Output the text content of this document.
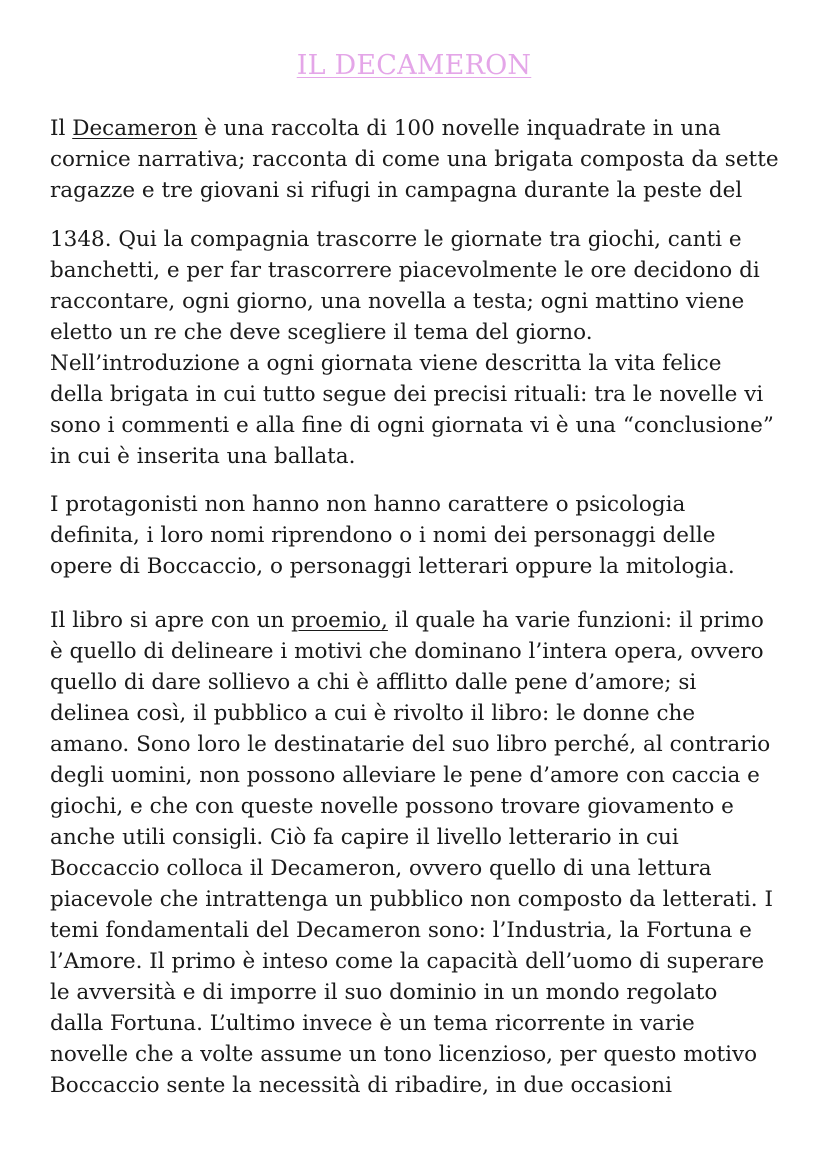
IL DECAMERON
Il Decameron è una raccolta di 100 novelle inquadrate in una
cornice narrativa; racconta di come una brigata composta da sette
ragazze e tre giovani si rifugi in campagna durante la peste del
1348. Qui la compagnia trascorre le giornate tra giochi, canti e
banchetti, e per far trascorrere piacevolmente le ore decidono di
raccontare, ogni giorno, una novella a testa; ogni mattino viene
eletto un re che deve scegliere il tema del giorno.
Nell’introduzione a ogni giornata viene descritta la vita felice
della brigata in cui tutto segue dei precisi rituali: tra le novelle vi
sono i commenti e alla fine di ogni giornata vi è una “conclusione”
in cui è inserita una ballata.
I protagonisti non hanno non hanno carattere o psicologia
definita, i loro nomi riprendono o i nomi dei personaggi delle
opere di Boccaccio, o personaggi letterari oppure la mitologia.
Il libro si apre con un proemio, il quale ha varie funzioni: il primo
è quello di delineare i motivi che dominano l’intera opera, ovvero
quello di dare sollievo a chi è afflitto dalle pene d’amore; si
delinea così, il pubblico a cui è rivolto il libro: le donne che
amano. Sono loro le destinatarie del suo libro perché, al contrario
degli uomini, non possono alleviare le pene d’amore con caccia e
giochi, e che con queste novelle possono trovare giovamento e
anche utili consigli. Ciò fa capire il livello letterario in cui
Boccaccio colloca il Decameron, ovvero quello di una lettura
piacevole che intrattenga un pubblico non composto da letterati. I
temi fondamentali del Decameron sono: l’Industria, la Fortuna e
l’Amore. Il primo è inteso come la capacità dell’uomo di superare
le avversità e di imporre il suo dominio in un mondo regolato
dalla Fortuna. L’ultimo invece è un tema ricorrente in varie
novelle che a volte assume un tono licenzioso, per questo motivo
Boccaccio sente la necessità di ribadire, in due occasioni
